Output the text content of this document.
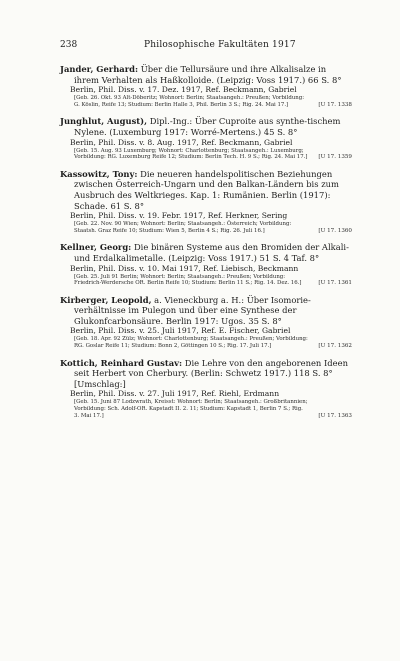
238	Philosophische Fakultäten 1917
Jander, Gerhard: Über die Tellursäure und ihre Alkalisalze in ihrem Verhalten als Haßkolloide. (Leipzig: Voss 1917.) 66 S. 8°
Berlin, Phil. Diss. v. 17. Dez. 1917, Ref. Beckmann, Gabriel
[Geb. 26. Okt. 93 Alt-Döberitz; Wohnort: Berlin; Staatsangeh.: Preußen; Vorbildung: G. Köslin, Reife 13; Studium: Berlin Halle 3, Phil. Berlin 3 S.; Rig. 24. Mai 17.]	[U 17. 1338
Junghlut, August), Dipl.-Ing.: Über Cuproite aus synthe-tischem Nylene. (Luxemburg 1917: Worré-Mertens.) 45 S. 8°
Berlin, Phil. Diss. v. 8. Aug. 1917, Ref. Beckmann, Gabriel
[Geb. 15. Aug. 93 Luxemburg; Wohnort: Charlottenburg; Staatsangeh.: Luxemburg; Vorbildung: RG. Luxemburg Reife 12; Studium: Berlin Tech. H. 9 S.; Rig. 24. Mai 17.]	[U 17. 1359
Kassowitz, Tony: Die neueren handelspolitischen Beziehungen zwischen Österreich-Ungarn und den Balkan-Ländern bis zum Ausbruch des Weltkrieges. Kap. 1: Rumänien. Berlin (1917): Schade. 61 S. 8°
Berlin, Phil. Diss. v. 19. Febr. 1917, Ref. Herkner, Sering
[Geb. 22. Nov. 90 Wien; Wohnort: Berlin; Staatsangeh.: Österreich; Vorbildung: Staatsh. Graz Reife 10; Studium: Wien 5, Berlin 4 S.; Rig. 26. Juli 16.]	[U 17. 1360
Kellner, Georg: Die binären Systeme aus den Bromiden der Alkali- und Erdalkalimetalle. (Leipzig: Voss 1917.) 51 S. 4 Taf. 8°
Berlin, Phil. Diss. v. 10. Mai 1917, Ref. Liebisch, Beckmann
[Geb. 25. Juli 91 Berlin; Wohnort: Berlin; Staatsangeh.: Preußen; Vorbildung: Friedrich-Werdersche OR. Berlin Reife 10; Studium: Berlin 11 S.; Rig. 14. Dez. 16.]	[U 17. 1361
Kirberger, Leopold, a. Vieneckburg a. H.: Über Isomorie-verhältnisse im Pulegon und über eine Synthese der Glukonfcarbonsäure. Berlin 1917: Ugos. 35 S. 8°
Berlin, Phil. Diss. v. 25. Juli 1917, Ref. E. Fischer, Gabriel
[Geb. 18. Apr. 92 Zülz; Wohnort: Charlottenburg; Staatsangeh.: Preußen; Vorbildung: RG. Goslar Reife 11; Studium: Bonn 2, Göttingen 10 S.; Rig. 17. Juli 17.]	[U 17. 1362
Kottich, Reinhard Gustav: Die Lehre von den angeborenen Ideen seit Herbert von Cherbury. (Berlin: Schwetz 1917.) 118 S. 8° [Umschlag:]
Berlin, Phil. Diss. v. 27. Juli 1917, Ref. Riehl, Erdmann
[Geb. 15. Juni 87 Lodzwrath, Kreisst: Wohnort: Berlin; Staatsangeh.: Großbritannien; Vorbildung: Sch. Adolf-OR. Kapstadt II. 2. 11; Studium: Kapstadt 1, Berlin 7 S.; Rig. 3. Mai 17.]	[U 17. 1363
